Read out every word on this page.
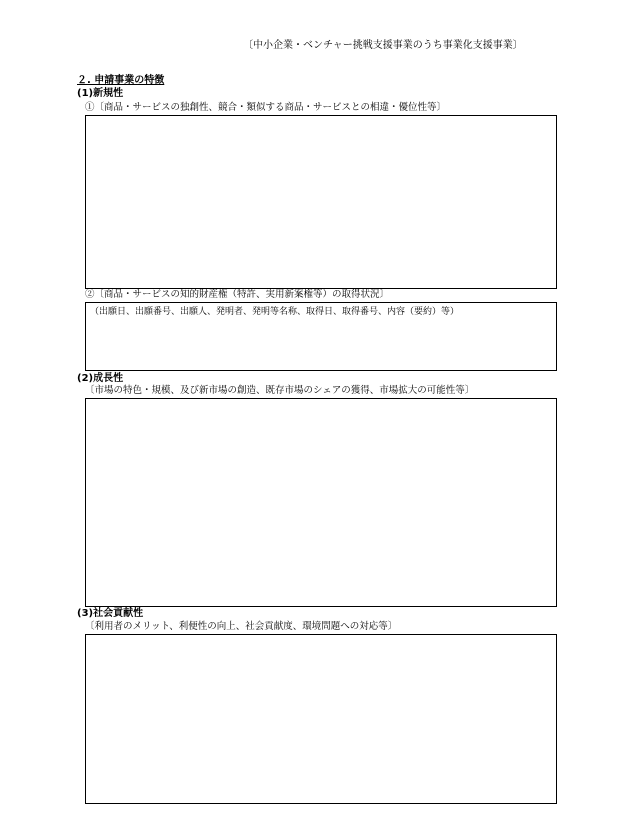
〔中小企業・ベンチャー挑戦支援事業のうち事業化支援事業〕
２. 申請事業の特徴
(1)新規性
①〔商品・サービスの独創性、競合・類似する商品・サービスとの相違・優位性等〕
②〔商品・サービスの知的財産権（特許、実用新案権等）の取得状況〕
（出願日、出願番号、出願人、発明者、発明等名称、取得日、取得番号、内容（要約）等）
(2)成長性
〔市場の特色・規模、及び新市場の創造、既存市場のシェアの獲得、市場拡大の可能性等〕
(3)社会貢献性
〔利用者のメリット、利便性の向上、社会貢献度、環境問題への対応等〕
